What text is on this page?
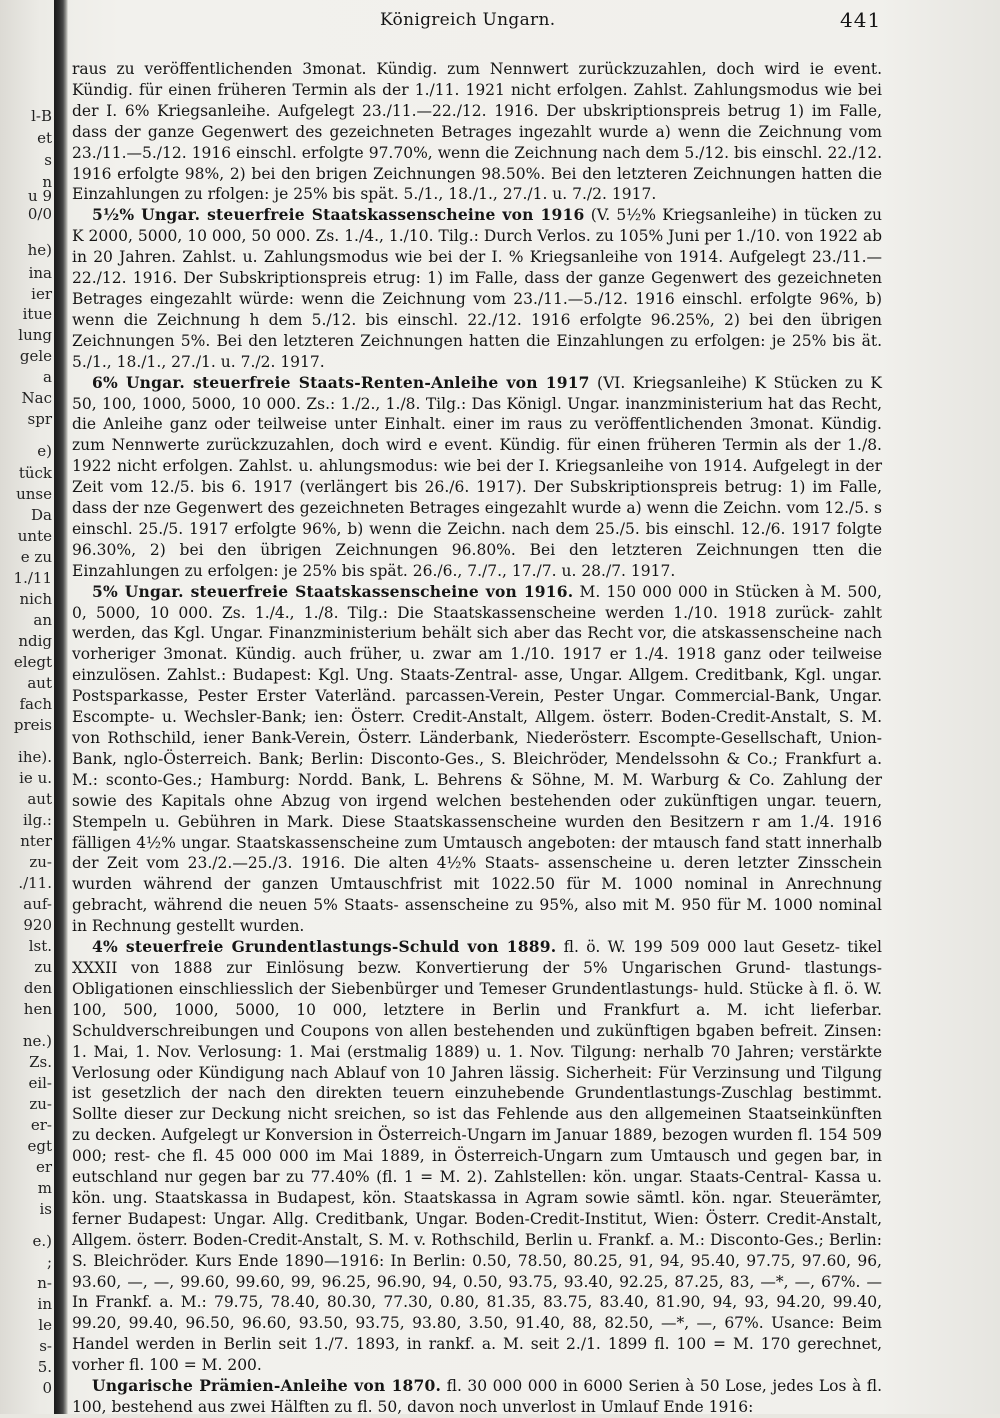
l-B
et
s
n
u 9
0/0
he)
ina
ier
itue
lung
gele
a
Nac
spr
e)
tück
unse
Da
unte
e zu
1./11
nich
an
ndig
elegt
aut
fach
preis
ihe).
ie u.
aut
ilg.:
nter
zu-
./11.
auf-
920
lst.
zu
den
hen
ne.)
Zs.
eil-
zu-
er-
egt
er
m
is
e.)
;
n-
in
le
s-
5.
0
Königreich Ungarn.	441

raus zu veröffentlichenden 3monat. Kündig. zum Nennwert zurückzuzahlen, doch wird ie event. Kündig. für einen früheren Termin als der 1./11. 1921 nicht erfolgen. Zahlst. Zahlungsmodus wie bei der I. 6% Kriegsanleihe. Aufgelegt 23./11.—22./12. 1916. Der ubskriptionspreis betrug 1) im Falle, dass der ganze Gegenwert des gezeichneten Betrages ingezahlt wurde a) wenn die Zeichnung vom 23./11.—5./12. 1916 einschl. erfolgte 97.70%, wenn die Zeichnung nach dem 5./12. bis einschl. 22./12. 1916 erfolgte 98%, 2) bei den brigen Zeichnungen 98.50%. Bei den letzteren Zeichnungen hatten die Einzahlungen zu rfolgen: je 25% bis spät. 5./1., 18./1., 27./1. u. 7./2. 1917.

5½% Ungar. steuerfreie Staatskassenscheine von 1916 (V. 5½% Kriegsanleihe) in tücken zu K 2000, 5000, 10 000, 50 000. Zs. 1./4., 1./10. Tilg.: Durch Verlos. zu 105% Juni per 1./10. von 1922 ab in 20 Jahren. Zahlst. u. Zahlungsmodus wie bei der I. % Kriegsanleihe von 1914. Aufgelegt 23./11.—22./12. 1916. Der Subskriptionspreis etrug: 1) im Falle, dass der ganze Gegenwert des gezeichneten Betrages eingezahlt würde: wenn die Zeichnung vom 23./11.—5./12. 1916 einschl. erfolgte 96%, b) wenn die Zeichnung h dem 5./12. bis einschl. 22./12. 1916 erfolgte 96.25%, 2) bei den übrigen Zeichnungen 5%. Bei den letzteren Zeichnungen hatten die Einzahlungen zu erfolgen: je 25% bis ät. 5./1., 18./1., 27./1. u. 7./2. 1917.

6% Ungar. steuerfreie Staats-Renten-Anleihe von 1917 (VI. Kriegsanleihe) K Stücken zu K 50, 100, 1000, 5000, 10 000. Zs.: 1./2., 1./8. Tilg.: Das Königl. Ungar. inanzministerium hat das Recht, die Anleihe ganz oder teilweise unter Einhalt. einer im raus zu veröffentlichenden 3monat. Kündig. zum Nennwerte zurückzuzahlen, doch wird e event. Kündig. für einen früheren Termin als der 1./8. 1922 nicht erfolgen. Zahlst. u. ahlungsmodus: wie bei der I. Kriegsanleihe von 1914. Aufgelegt in der Zeit vom 12./5. bis 6. 1917 (verlängert bis 26./6. 1917). Der Subskriptionspreis betrug: 1) im Falle, dass der nze Gegenwert des gezeichneten Betrages eingezahlt wurde a) wenn die Zeichn. vom 12./5. s einschl. 25./5. 1917 erfolgte 96%, b) wenn die Zeichn. nach dem 25./5. bis einschl. 12./6. 1917 folgte 96.30%, 2) bei den übrigen Zeichnungen 96.80%. Bei den letzteren Zeichnungen tten die Einzahlungen zu erfolgen: je 25% bis spät. 26./6., 7./7., 17./7. u. 28./7. 1917.

5% Ungar. steuerfreie Staatskassenscheine von 1916. M. 150 000 000 in Stücken à M. 500, 0, 5000, 10 000. Zs. 1./4., 1./8. Tilg.: Die Staatskassenscheine werden 1./10. 1918 zurück- zahlt werden, das Kgl. Ungar. Finanzministerium behält sich aber das Recht vor, die atskassenscheine nach vorheriger 3monat. Kündig. auch früher, u. zwar am 1./10. 1917 er 1./4. 1918 ganz oder teilweise einzulösen. Zahlst.: Budapest: Kgl. Ung. Staats-Zentral- asse, Ungar. Allgem. Creditbank, Kgl. ungar. Postsparkasse, Pester Erster Vaterländ. parcassen-Verein, Pester Ungar. Commercial-Bank, Ungar. Escompte- u. Wechsler-Bank; ien: Österr. Credit-Anstalt, Allgem. österr. Boden-Credit-Anstalt, S. M. von Rothschild, iener Bank-Verein, Österr. Länderbank, Niederösterr. Escompte-Gesellschaft, Union-Bank, nglo-Österreich. Bank; Berlin: Disconto-Ges., S. Bleichröder, Mendelssohn & Co.; Frankfurt a. M.: sconto-Ges.; Hamburg: Nordd. Bank, L. Behrens & Söhne, M. M. Warburg & Co. Zahlung der sowie des Kapitals ohne Abzug von irgend welchen bestehenden oder zukünftigen ungar. teuern, Stempeln u. Gebühren in Mark. Diese Staatskassenscheine wurden den Besitzern r am 1./4. 1916 fälligen 4½% ungar. Staatskassenscheine zum Umtausch angeboten: der mtausch fand statt innerhalb der Zeit vom 23./2.—25./3. 1916. Die alten 4½% Staats- assenscheine u. deren letzter Zinsschein wurden während der ganzen Umtauschfrist mit 1022.50 für M. 1000 nominal in Anrechnung gebracht, während die neuen 5% Staats- assenscheine zu 95%, also mit M. 950 für M. 1000 nominal in Rechnung gestellt wurden.

4% steuerfreie Grundentlastungs-Schuld von 1889. fl. ö. W. 199 509 000 laut Gesetz- tikel XXXII von 1888 zur Einlösung bezw. Konvertierung der 5% Ungarischen Grund- tlastungs-Obligationen einschliesslich der Siebenbürger und Temeser Grundentlastungs- huld. Stücke à fl. ö. W. 100, 500, 1000, 5000, 10 000, letztere in Berlin und Frankfurt a. M. icht lieferbar. Schuldverschreibungen und Coupons von allen bestehenden und zukünftigen bgaben befreit. Zinsen: 1. Mai, 1. Nov. Verlosung: 1. Mai (erstmalig 1889) u. 1. Nov. Tilgung: nerhalb 70 Jahren; verstärkte Verlosung oder Kündigung nach Ablauf von 10 Jahren lässig. Sicherheit: Für Verzinsung und Tilgung ist gesetzlich der nach den direkten teuern einzuhebende Grundentlastungs-Zuschlag bestimmt. Sollte dieser zur Deckung nicht sreichen, so ist das Fehlende aus den allgemeinen Staatseinkünften zu decken. Aufgelegt ur Konversion in Österreich-Ungarn im Januar 1889, bezogen wurden fl. 154 509 000; rest- che fl. 45 000 000 im Mai 1889, in Österreich-Ungarn zum Umtausch und gegen bar, in eutschland nur gegen bar zu 77.40% (fl. 1 = M. 2). Zahlstellen: kön. ungar. Staats-Central- Kassa u. kön. ung. Staatskassa in Budapest, kön. Staatskassa in Agram sowie sämtl. kön. ngar. Steuerämter, ferner Budapest: Ungar. Allg. Creditbank, Ungar. Boden-Credit-Institut, Wien: Österr. Credit-Anstalt, Allgem. österr. Boden-Credit-Anstalt, S. M. v. Rothschild, Berlin u. Frankf. a. M.: Disconto-Ges.; Berlin: S. Bleichröder. Kurs Ende 1890—1916: In Berlin: 0.50, 78.50, 80.25, 91, 94, 95.40, 97.75, 97.60, 96, 93.60, —, —, 99.60, 99.60, 99, 96.25, 96.90, 94, 0.50, 93.75, 93.40, 92.25, 87.25, 83, —*, —, 67%. — In Frankf. a. M.: 79.75, 78.40, 80.30, 77.30, 0.80, 81.35, 83.75, 83.40, 81.90, 94, 93, 94.20, 99.40, 99.20, 99.40, 96.50, 96.60, 93.50, 93.75, 93.80, 3.50, 91.40, 88, 82.50, —*, —, 67%. Usance: Beim Handel werden in Berlin seit 1./7. 1893, in rankf. a. M. seit 2./1. 1899 fl. 100 = M. 170 gerechnet, vorher fl. 100 = M. 200.

Ungarische Prämien-Anleihe von 1870. fl. 30 000 000 in 6000 Serien à 50 Lose, jedes Los à fl. 100, bestehend aus zwei Hälften zu fl. 50, davon noch unverlost in Umlauf Ende 1916:
